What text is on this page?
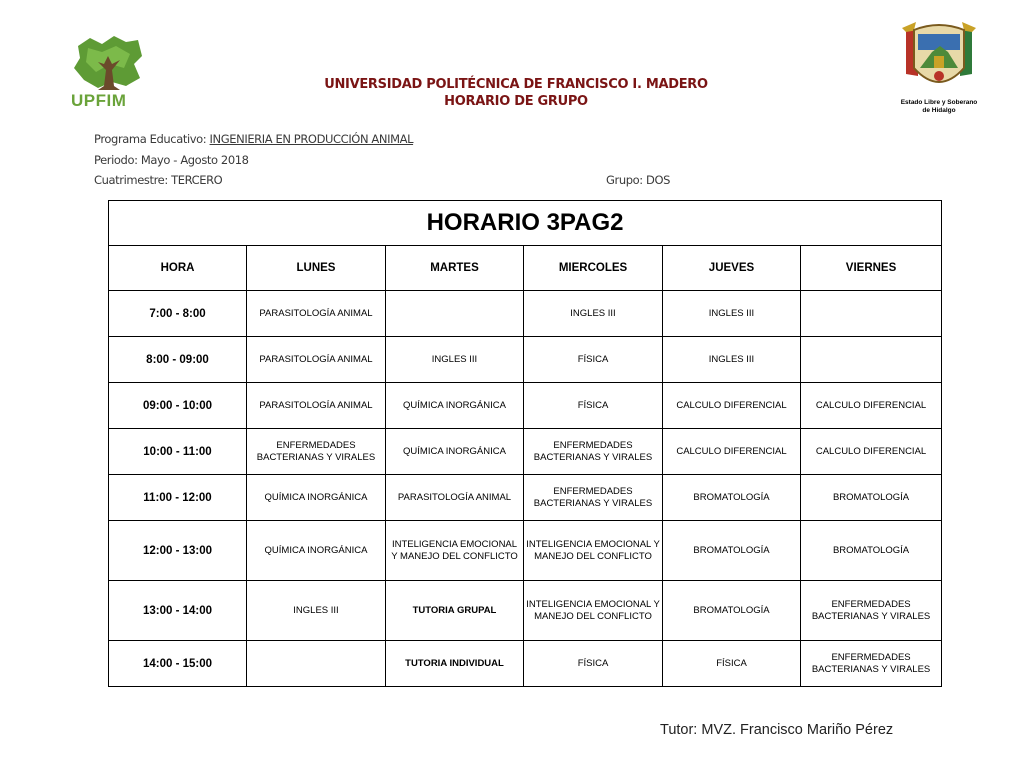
UPFIM	Estado Libre y Soberano
de Hidalgo
UNIVERSIDAD POLITÉCNICA DE FRANCISCO I. MADERO
HORARIO DE GRUPO
Programa Educativo: INGENIERIA EN PRODUCCIÓN ANIMAL
Periodo: Mayo - Agosto 2018
Cuatrimestre: TERCERO	Grupo: DOS
HORARIO 3PAG2					
HORA	LUNES	MARTES	MIERCOLES	JUEVES	VIERNES
7:00 - 8:00	PARASITOLOGÍA ANIMAL		INGLES III	INGLES III	
8:00 - 09:00	PARASITOLOGÍA ANIMAL	INGLES III	FÍSICA	INGLES III	
09:00 - 10:00	PARASITOLOGÍA ANIMAL	QUÍMICA INORGÁNICA	FÍSICA	CALCULO DIFERENCIAL	CALCULO DIFERENCIAL
10:00 - 11:00	ENFERMEDADES BACTERIANAS Y VIRALES	QUÍMICA INORGÁNICA	ENFERMEDADES BACTERIANAS Y VIRALES	CALCULO DIFERENCIAL	CALCULO DIFERENCIAL
11:00 - 12:00	QUÍMICA INORGÁNICA	PARASITOLOGÍA ANIMAL	ENFERMEDADES BACTERIANAS Y VIRALES	BROMATOLOGÍA	BROMATOLOGÍA
12:00 - 13:00	QUÍMICA INORGÁNICA	INTELIGENCIA EMOCIONAL Y MANEJO DEL CONFLICTO	INTELIGENCIA EMOCIONAL Y MANEJO DEL CONFLICTO	BROMATOLOGÍA	BROMATOLOGÍA
13:00 - 14:00	INGLES III	TUTORIA GRUPAL	INTELIGENCIA EMOCIONAL Y MANEJO DEL CONFLICTO	BROMATOLOGÍA	ENFERMEDADES BACTERIANAS Y VIRALES
14:00 - 15:00		TUTORIA INDIVIDUAL	FÍSICA	FÍSICA	ENFERMEDADES BACTERIANAS Y VIRALES
Tutor: MVZ. Francisco Mariño Pérez
